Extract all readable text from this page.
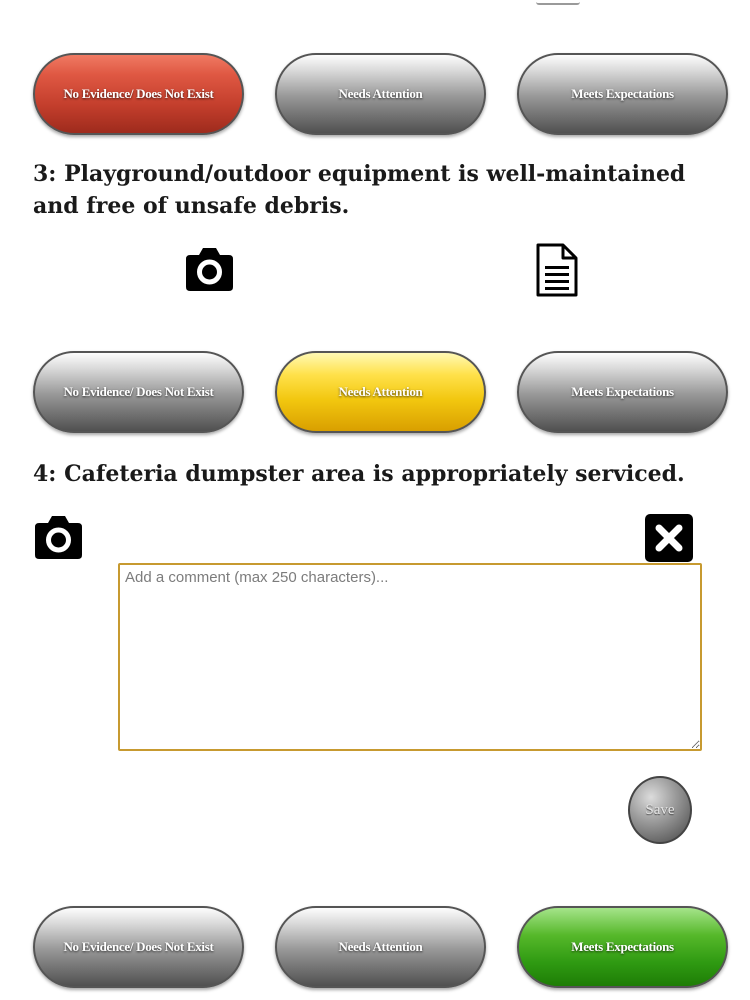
No Evidence/ Does Not Exist	Needs Attention	Meets Expectations

3: Playground/outdoor equipment is well-maintained and free of unsafe debris.

No Evidence/ Does Not Exist	Needs Attention	Meets Expectations

4: Cafeteria dumpster area is appropriately serviced.

Add a comment (max 250 characters)...
Save
No Evidence/ Does Not Exist	Needs Attention	Meets Expectations
